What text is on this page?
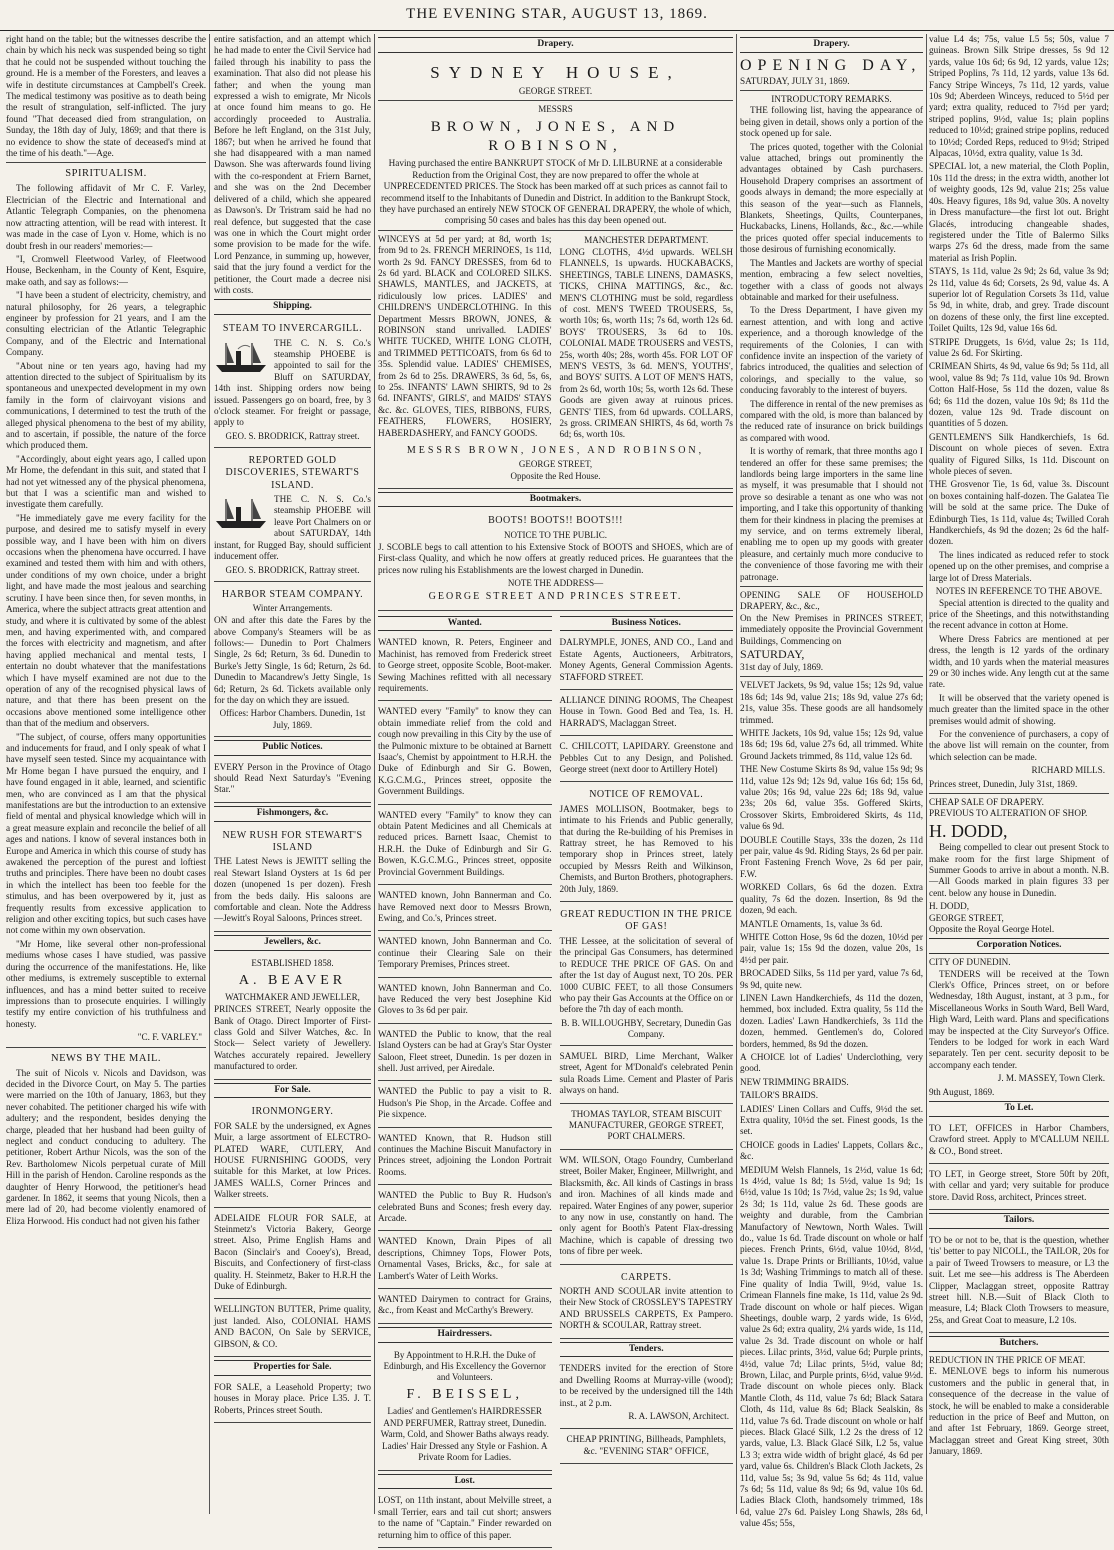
THE EVENING STAR, AUGUST 13, 1869.

right hand on the table; but the witnesses describe the chain by which his neck was suspended being so tight that he could not be suspended without touching the ground. He is a member of the Foresters, and leaves a wife in destitute circumstances at Campbell's Creek. The medical testimony was positive as to death being the result of strangulation, self-inflicted. The jury found "That deceased died from strangulation, on Sunday, the 18th day of July, 1869; and that there is no evidence to show the state of deceased's mind at the time of his death."—Age.

SPIRITUALISM.

The following affidavit of Mr C. F. Varley, Electrician of the Electric and International and Atlantic Telegraph Companies, on the phenomena now attracting attention, will be read with interest. It was made in the case of Lyon v. Home, which is no doubt fresh in our readers' memories:—

"I, Cromwell Fleetwood Varley, of Fleetwood House, Beckenham, in the County of Kent, Esquire, make oath, and say as follows:—

"I have been a student of electricity, chemistry, and natural philosophy, for 26 years, a telegraphic engineer by profession for 21 years, and I am the consulting electrician of the Atlantic Telegraphic Company, and of the Electric and International Company.

"About nine or ten years ago, having had my attention directed to the subject of Spiritualism by its spontaneous and unexpected development in my own family in the form of clairvoyant visions and communications, I determined to test the truth of the alleged physical phenomena to the best of my ability, and to ascertain, if possible, the nature of the force which produced them.

"Accordingly, about eight years ago, I called upon Mr Home, the defendant in this suit, and stated that I had not yet witnessed any of the physical phenomena, but that I was a scientific man and wished to investigate them carefully.

"He immediately gave me every facility for the purpose, and desired me to satisfy myself in every possible way, and I have been with him on divers occasions when the phenomena have occurred. I have examined and tested them with him and with others, under conditions of my own choice, under a bright light, and have made the most jealous and searching scrutiny. I have been since then, for seven months, in America, where the subject attracts great attention and study, and where it is cultivated by some of the ablest men, and having experimented with, and compared the forces with electricity and magnetism, and after having applied mechanical and mental tests, I entertain no doubt whatever that the manifestations which I have myself examined are not due to the operation of any of the recognised physical laws of nature, and that there has been present on the occasions above mentioned some intelligence other than that of the medium and observers.

"The subject, of course, offers many opportunities and inducements for fraud, and I only speak of what I have myself seen tested. Since my acquaintance with Mr Home began I have pursued the enquiry, and I have found engaged in it able, learned, and scientific men, who are convinced as I am that the physical manifestations are but the introduction to an extensive field of mental and physical knowledge which will in a great measure explain and reconcile the belief of all ages and nations. I know of several instances both in Europe and America in which this course of study has awakened the perception of the purest and loftiest truths and principles. There have been no doubt cases in which the intellect has been too feeble for the stimulus, and has been overpowered by it, just as frequently results from excessive application to religion and other exciting topics, but such cases have not come within my own observation.

"Mr Home, like several other non-professional mediums whose cases I have studied, was passive during the occurrence of the manifestations. He, like other mediums, is extremely susceptible to external influences, and has a mind better suited to receive impressions than to prosecute enquiries. I willingly testify my entire conviction of his truthfulness and honesty.

"C. F. VARLEY."
NEWS BY THE MAIL.

The suit of Nicols v. Nicols and Davidson, was decided in the Divorce Court, on May 5. The parties were married on the 10th of January, 1863, but they never cohabited. The petitioner charged his wife with adultery; and the respondent, besides denying the charge, pleaded that her husband had been guilty of neglect and conduct conducing to adultery. The petitioner, Robert Arthur Nicols, was the son of the Rev. Bartholomew Nicols perpetual curate of Mill Hill in the parish of Hendon. Caroline responds as the daughter of Henry Horwood, the petitioner's head gardener. In 1862, it seems that young Nicols, then a mere lad of 20, had become violently enamored of Eliza Horwood. His conduct had not given his father

entire satisfaction, and an attempt which he had made to enter the Civil Service had failed through his inability to pass the examination. That also did not please his father; and when the young man expressed a wish to emigrate, Mr Nicols at once found him means to go. He accordingly proceeded to Australia. Before he left England, on the 31st July, 1867; but when he arrived he found that she had disappeared with a man named Dawson. She was afterwards found living with the co-respondent at Friern Barnet, and she was on the 2nd December delivered of a child, which she appeared as Dawson's. Dr Tristram said he had no real defence, but suggested that the case was one in which the Court might order some provision to be made for the wife. Lord Penzance, in summing up, however, said that the jury found a verdict for the petitioner, the Court made a decree nisi with costs.

Shipping.
STEAM TO INVERCARGILL.

THE C. N. S. Co.'s steamship PHOEBE is appointed to sail for the Bluff on SATURDAY, 14th inst. Shipping orders now being issued. Passengers go on board, free, by 3 o'clock steamer. For freight or passage, apply to

GEO. S. BRODRICK, Rattray street.
REPORTED GOLD DISCOVERIES, STEWART'S ISLAND.

THE C. N. S. Co.'s steamship PHOEBE will leave Port Chalmers on or about SATURDAY, 14th instant, for Rugged Bay, should sufficient inducement offer.

GEO. S. BRODRICK, Rattray street.
HARBOR STEAM COMPANY.
Winter Arrangements.

ON and after this date the Fares by the above Company's Steamers will be as follows:— Dunedin to Port Chalmers Single, 2s 6d; Return, 3s 6d. Dunedin to Burke's Jetty Single, 1s 6d; Return, 2s 6d. Dunedin to Macandrew's Jetty Single, 1s 6d; Return, 2s 6d. Tickets available only for the day on which they are issued.

Offices: Harbor Chambers. Dunedin, 1st July, 1869.
Public Notices.

EVERY Person in the Province of Otago should Read Next Saturday's "Evening Star."

Fishmongers, &c.
NEW RUSH FOR STEWART'S ISLAND

THE Latest News is JEWITT selling the real Stewart Island Oysters at 1s 6d per dozen (unopened 1s per dozen). Fresh from the beds daily. His saloons are comfortable and clean. Note the Address—Jewitt's Royal Saloons, Princes street.

Jewellers, &c.
ESTABLISHED 1858.
A. BEAVER
WATCHMAKER AND JEWELLER,

PRINCES STREET, Nearly opposite the Bank of Otago. Direct Importer of First-class Gold and Silver Watches, &c. In Stock— Select variety of Jewellery. Watches accurately repaired. Jewellery manufactured to order.

For Sale.
IRONMONGERY.

FOR SALE by the undersigned, ex Agnes Muir, a large assortment of ELECTRO-PLATED WARE, CUTLERY, And HOUSE FURNISHING GOODS, very suitable for this Market, at low Prices. JAMES WALLS, Corner Princes and Walker streets.

ADELAIDE FLOUR FOR SALE, at Steinmetz's Victoria Bakery, George street. Also, Prime English Hams and Bacon (Sinclair's and Cooey's), Bread, Biscuits, and Confectionery of first-class quality. H. Steinmetz, Baker to H.R.H the Duke of Edinburgh.

WELLINGTON BUTTER, Prime quality, just landed. Also, COLONIAL HAMS AND BACON, On Sale by SERVICE, GIBSON, & CO.

Properties for Sale.

FOR SALE, a Leasehold Property; two houses in Moray place. Price L35. J. T. Roberts, Princes street South.

Drapery.
SYDNEY HOUSE,
GEORGE STREET.
MESSRS
BROWN, JONES, AND ROBINSON,

Having purchased the entire BANKRUPT STOCK of Mr D. LILBURNE at a considerable Reduction from the Original Cost, they are now prepared to offer the whole at UNPRECEDENTED PRICES. The Stock has been marked off at such prices as cannot fail to recommend itself to the Inhabitants of Dunedin and District. In addition to the Bankrupt Stock, they have purchased an entirely NEW STOCK OF GENERAL DRAPERY, the whole of which, comprising 50 cases and bales has this day been opened out.

WINCEYS at 5d per yard; at 8d, worth 1s; from 9d to 2s. FRENCH MERINOES, 1s 11d, worth 2s 9d. FANCY DRESSES, from 6d to 2s 6d yard. BLACK and COLORED SILKS. SHAWLS, MANTLES, and JACKETS, at ridiculously low prices. LADIES' and CHILDREN'S UNDERCLOTHING. In this Department Messrs BROWN, JONES, & ROBINSON stand unrivalled. LADIES' WHITE TUCKED, WHITE LONG CLOTH, and TRIMMED PETTICOATS, from 6s 6d to 35s. Splendid value. LADIES' CHEMISES, from 2s 6d to 25s. DRAWERS, 3s 6d, 5s, 6s, to 25s. INFANTS' LAWN SHIRTS, 9d to 2s 6d. INFANTS', GIRLS', and MAIDS' STAYS &c. &c. GLOVES, TIES, RIBBONS, FURS, FEATHERS, FLOWERS, HOSIERY, HABERDASHERY, and FANCY GOODS.

MANCHESTER DEPARTMENT.

LONG CLOTHS, 4½d upwards. WELSH FLANNELS, 1s upwards. HUCKABACKS, SHEETINGS, TABLE LINENS, DAMASKS, TICKS, CHINA MATTINGS, &c., &c. MEN'S CLOTHING must be sold, regardless of cost. MEN'S TWEED TROUSERS, 5s, worth 10s; 6s, worth 11s; 7s 6d, worth 12s 6d. BOYS' TROUSERS, 3s 6d to 10s. COLONIAL MADE TROUSERS and VESTS, 25s, worth 40s; 28s, worth 45s. FOR LOT OF MEN'S VESTS, 3s 6d. MEN'S, YOUTHS', and BOYS' SUITS. A LOT OF MEN'S HATS, from 2s 6d, worth 10s; 5s, worth 12s 6d. These Goods are given away at ruinous prices. GENTS' TIES, from 6d upwards. COLLARS, 2s gross. CRIMEAN SHIRTS, 4s 6d, worth 7s 6d; 6s, worth 10s.

MESSRS BROWN, JONES, AND ROBINSON,
GEORGE STREET,
Opposite the Red House.
Bootmakers.
BOOTS! BOOTS!! BOOTS!!!
NOTICE TO THE PUBLIC.

J. SCOBLE begs to call attention to his Extensive Stock of BOOTS and SHOES, which are of First-class Quality, and which he now offers at greatly reduced prices. He guarantees that the prices now ruling his Establishments are the lowest charged in Dunedin.

NOTE THE ADDRESS—
GEORGE STREET AND PRINCES STREET.
Wanted.

WANTED known, R. Peters, Engineer and Machinist, has removed from Frederick street to George street, opposite Scoble, Boot-maker. Sewing Machines refitted with all necessary requirements.

WANTED every "Family" to know they can obtain immediate relief from the cold and cough now prevailing in this City by the use of the Pulmonic mixture to be obtained at Barnett Isaac's, Chemist by appointment to H.R.H. the Duke of Edinburgh and Sir G. Bowen, K.G.C.M.G., Princes street, opposite the Government Buildings.

WANTED every "Family" to know they can obtain Patent Medicines and all Chemicals at reduced prices. Barnett Isaac, Chemist to H.R.H. the Duke of Edinburgh and Sir G. Bowen, K.G.C.M.G., Princes street, opposite Provincial Government Buildings.

WANTED known, John Bannerman and Co. have Removed next door to Messrs Brown, Ewing, and Co.'s, Princes street.

WANTED known, John Bannerman and Co. continue their Clearing Sale on their Temporary Premises, Princes street.

WANTED known, John Bannerman and Co. have Reduced the very best Josephine Kid Gloves to 3s 6d per pair.

WANTED the Public to know, that the real Island Oysters can be had at Gray's Star Oyster Saloon, Fleet street, Dunedin. 1s per dozen in shell. Just arrived, per Airedale.

WANTED the Public to pay a visit to R. Hudson's Pie Shop, in the Arcade. Coffee and Pie sixpence.

WANTED Known, that R. Hudson still continues the Machine Biscuit Manufactory in Princes street, adjoining the London Portrait Rooms.

WANTED the Public to Buy R. Hudson's celebrated Buns and Scones; fresh every day. Arcade.

WANTED Known, Drain Pipes of all descriptions, Chimney Tops, Flower Pots, Ornamental Vases, Bricks, &c., for sale at Lambert's Water of Leith Works.

WANTED Dairymen to contract for Grains, &c., from Keast and McCarthy's Brewery.

Hairdressers.
By Appointment to H.R.H. the Duke of Edinburgh, and His Excellency the Governor and Volunteers.
F. BEISSEL,

Ladies' and Gentlemen's HAIRDRESSER AND PERFUMER, Rattray street, Dunedin. Warm, Cold, and Shower Baths always ready. Ladies' Hair Dressed any Style or Fashion. A Private Room for Ladies.

Lost.

LOST, on 11th instant, about Melville street, a small Terrier, ears and tail cut short; answers to the name of "Captain." Finder rewarded on returning him to office of this paper.

Business Notices.

DALRYMPLE, JONES, AND CO., Land and Estate Agents, Auctioneers, Arbitrators, Money Agents, General Commission Agents. STAFFORD STREET.

ALLIANCE DINING ROOMS, The Cheapest House in Town. Good Bed and Tea, 1s. H. HARRAD'S, Maclaggan Street.

C. CHILCOTT, LAPIDARY. Greenstone and Pebbles Cut to any Design, and Polished. George street (next door to Artillery Hotel)

NOTICE OF REMOVAL.

JAMES MOLLISON, Bootmaker, begs to intimate to his Friends and Public generally, that during the Re-building of his Premises in Rattray street, he has Removed to his temporary shop in Princes street, lately occupied by Messrs Reith and Wilkinson, Chemists, and Burton Brothers, photographers. 20th July, 1869.

GREAT REDUCTION IN THE PRICE OF GAS!

THE Lessee, at the solicitation of several of the principal Gas Consumers, has determined to REDUCE THE PRICE OF GAS. On and after the 1st day of August next, TO 20s. PER 1000 CUBIC FEET, to all those Consumers who pay their Gas Accounts at the Office on or before the 7th day of each month.

B. B. WILLOUGHBY, Secretary, Dunedin Gas Company.

SAMUEL BIRD, Lime Merchant, Walker street, Agent for M'Donald's celebrated Penin sula Roads Lime. Cement and Plaster of Paris always on hand.

THOMAS TAYLOR, STEAM BISCUIT MANUFACTURER, GEORGE STREET, PORT CHALMERS.

WM. WILSON, Otago Foundry, Cumberland street, Boiler Maker, Engineer, Millwright, and Blacksmith, &c. All kinds of Castings in brass and iron. Machines of all kinds made and repaired. Water Engines of any power, superior to any now in use, constantly on hand. The only agent for Booth's Patent Flax-dressing Machine, which is capable of dressing two tons of fibre per week.

CARPETS.

NORTH AND SCOULAR invite attention to their New Stock of CROSSLEY'S TAPESTRY AND BRUSSELS CARPETS, Ex Pampero. NORTH & SCOULAR, Rattray street.

Tenders.

TENDERS invited for the erection of Store and Dwelling Rooms at Murray-ville (wood); to be received by the undersigned till the 14th inst., at 2 p.m.

R. A. LAWSON, Architect.

CHEAP PRINTING, Billheads, Pamphlets, &c. "EVENING STAR" OFFICE,

Drapery.
OPENING DAY,
SATURDAY, JULY 31, 1869.
INTRODUCTORY REMARKS.

THE following list, having the appearance of being given in detail, shows only a portion of the stock opened up for sale.

The prices quoted, together with the Colonial value attached, brings out prominently the advantages obtained by Cash purchasers. Household Drapery comprises an assortment of goods always in demand; the more especially at this season of the year—such as Flannels, Blankets, Sheetings, Quilts, Counterpanes, Huckabacks, Linens, Hollands, &c., &c.—while the prices quoted offer special inducements to those desirous of furnishing economically.

The Mantles and Jackets are worthy of special mention, embracing a few select novelties, together with a class of goods not always obtainable and marked for their usefulness.

To the Dress Department, I have given my earnest attention, and with long and active experience, and a thorough knowledge of the requirements of the Colonies, I can with confidence invite an inspection of the variety of fabrics introduced, the qualities and selection of colorings, and specially to the value, so conducing favorably to the interest of buyers.

The difference in rental of the new premises as compared with the old, is more than balanced by the reduced rate of insurance on brick buildings as compared with wood.

It is worthy of remark, that three months ago I tendered an offer for these same premises; the landlords being large importers in the same line as myself, it was presumable that I should not prove so desirable a tenant as one who was not importing, and I take this opportunity of thanking them for their kindness in placing the premises at my service, and on terms extremely liberal, enabling me to open up my goods with greater pleasure, and certainly much more conducive to the convenience of those favoring me with their patronage.

OPENING SALE OF HOUSEHOLD DRAPERY, &c., &c.,
On the New Premises in PRINCES STREET, immediately opposite the Provincial Government Buildings, Commencing on
SATURDAY,
31st day of July, 1869.

VELVET Jackets, 9s 9d, value 15s; 12s 9d, value 18s 6d; 14s 9d, value 21s; 18s 9d, value 27s 6d; 21s, value 35s. These goods are all handsomely trimmed.

WHITE Jackets, 10s 9d, value 15s; 12s 9d, value 18s 6d; 19s 6d, value 27s 6d, all trimmed. White Ground Jackets trimmed, 8s 11d, value 12s 6d.

THE New Costume Skirts 8s 9d, value 15s 9d; 9s 11d, value 12s 9d; 12s 9d, value 16s 6d; 15s 6d, value 20s; 16s 9d, value 22s 6d; 18s 9d, value 23s; 20s 6d, value 35s. Goffered Skirts, Crossover Skirts, Embroidered Skirts, 4s 11d, value 6s 9d.

DOUBLE Coutille Stays, 33s the dozen, 2s 11d per pair, value 4s 9d. Riding Stays, 2s 6d per pair. Front Fastening French Wove, 2s 6d per pair, F.W.

WORKED Collars, 6s 6d the dozen. Extra quality, 7s 6d the dozen. Insertion, 8s 9d the dozen, 9d each.

MANTLE Ornaments, 1s, value 3s 6d.

WHITE Cotton Hose, 9s 6d the dozen, 10½d per pair, value 1s; 15s 9d the dozen, value 20s, 1s 4½d per pair.

BROCADED Silks, 5s 11d per yard, value 7s 6d, 9s 9d, quite new.

LINEN Lawn Handkerchiefs, 4s 11d the dozen, hemmed, box included. Extra quality, 5s 11d the dozen. Ladies' Lawn Handkerchiefs, 3s 11d the dozen, hemmed. Gentlemen's do, Colored borders, hemmed, 8s 9d the dozen.

A CHOICE lot of Ladies' Underclothing, very good.

NEW TRIMMING BRAIDS.

TAILOR'S BRAIDS.

LADIES' Linen Collars and Cuffs, 9½d the set. Extra quality, 10½d the set. Finest goods, 1s the set.

CHOICE goods in Ladies' Lappets, Collars &c., &c.

MEDIUM Welsh Flannels, 1s 2½d, value 1s 6d; 1s 4½d, value 1s 8d; 1s 5½d, value 1s 9d; 1s 6½d, value 1s 10d; 1s 7½d, value 2s; 1s 9d, value 2s 3d; 1s 11d, value 2s 6d. These goods are weighty and durable, from the Cambrian Manufactory of Newtown, North Wales. Twill do., value 1s 6d. Trade discount on whole or half pieces. French Prints, 6½d, value 10½d, 8½d, value 1s. Drape Prints or Brilliants, 10½d, value 1s 3d; Washing Trimmings to match all of these. Fine quality of India Twill, 9½d, value 1s. Crimean Flannels fine make, 1s 11d, value 2s 9d. Trade discount on whole or half pieces. Wigan Sheetings, double warp, 2 yards wide, 1s 6½d, value 2s 6d; extra quality, 2¼ yards wide, 1s 11d, value 2s 3d. Trade discount on whole or half pieces. Lilac prints, 3½d, value 6d; Purple prints, 4½d, value 7d; Lilac prints, 5½d, value 8d; Brown, Lilac, and Purple prints, 6½d, value 9½d. Trade discount on whole pieces only. Black Mantle Cloth, 4s 11d, value 7s 6d; Black Satara Cloth, 4s 11d, value 8s 6d; Black Sealskin, 8s 11d, value 7s 6d. Trade discount on whole or half pieces. Black Glacé Silk, 1.2 2s the dress of 12 yards, value, L3. Black Glacé Silk, L2 5s, value L3 3; extra wide width of bright glacé, 4s 6d per yard, value 6s. Children's Black Cloth Jackets, 2s 11d, value 5s; 3s 9d, value 5s 6d; 4s 11d, value 7s 6d; 5s 11d, value 8s 9d; 6s 9d, value 10s 6d. Ladies Black Cloth, handsomely trimmed, 18s 6d, value 27s 6d. Paisley Long Shawls, 28s 6d, value 45s; 55s,

value L4 4s; 75s, value L5 5s; 50s, value 7 guineas. Brown Silk Stripe dresses, 5s 9d 12 yards, value 10s 6d; 6s 9d, 12 yards, value 12s; Striped Poplins, 7s 11d, 12 yards, value 13s 6d. Fancy Stripe Winceys, 7s 11d, 12 yards, value 10s 9d; Aberdeen Winceys, reduced to 5½d per yard; extra quality, reduced to 7½d per yard; striped poplins, 9½d, value 1s; plain poplins reduced to 10½d; grained stripe poplins, reduced to 10½d; Corded Reps, reduced to 9½d; Striped Alpacas, 10½d, extra quality, value 1s 3d.

SPECIAL lot, a new material, the Cloth Poplin, 10s 11d the dress; in the extra width, another lot of weighty goods, 12s 9d, value 21s; 25s value 40s. Heavy figures, 18s 9d, value 30s. A novelty in Dress manufacture—the first lot out. Bright Glacés, introducing changeable shades, registered under the Title of Balermo Silks warps 27s 6d the dress, made from the same material as Irish Poplin.

STAYS, 1s 11d, value 2s 9d; 2s 6d, value 3s 9d; 2s 11d, value 4s 6d; Corsets, 2s 9d, value 4s. A superior lot of Regulation Corsets 3s 11d, value 5s 9d, in white, drab, and grey. Trade discount on dozens of these only, the first line excepted. Toilet Quilts, 12s 9d, value 16s 6d.

STRIPE Druggets, 1s 6½d, value 2s; 1s 11d, value 2s 6d. For Skirting.

CRIMEAN Shirts, 4s 9d, value 6s 9d; 5s 11d, all wool, value 8s 9d; 7s 11d, value 10s 9d. Brown Cotton Half-Hose, 5s 11d the dozen, value 8s 6d; 6s 11d the dozen, value 10s 9d; 8s 11d the dozen, value 12s 9d. Trade discount on quantities of 5 dozen.

GENTLEMEN'S Silk Handkerchiefs, 1s 6d. Discount on whole pieces of seven. Extra quality of Figured Silks, 1s 11d. Discount on whole pieces of seven.

THE Grosvenor Tie, 1s 6d, value 3s. Discount on boxes containing half-dozen. The Galatea Tie will be sold at the same price. The Duke of Edinburgh Ties, 1s 11d, value 4s; Twilled Corah Handkerchiefs, 4s 9d the dozen; 2s 6d the half-dozen.

The lines indicated as reduced refer to stock opened up on the other premises, and comprise a large lot of Dress Materials.

NOTES IN REFERENCE TO THE ABOVE.

Special attention is directed to the quality and price of the Sheetings, and this notwithstanding the recent advance in cotton at Home.

Where Dress Fabrics are mentioned at per dress, the length is 12 yards of the ordinary width, and 10 yards when the material measures 29 or 30 inches wide. Any length cut at the same rate.

It will be observed that the variety opened is much greater than the limited space in the other premises would admit of showing.

For the convenience of purchasers, a copy of the above list will remain on the counter, from which selection can be made.

RICHARD MILLS.
Princes street, Dunedin, July 31st, 1869.
CHEAP SALE OF DRAPERY.
PREVIOUS TO ALTERATION OF SHOP.
H. DODD,

Being compelled to clear out present Stock to make room for the first large Shipment of Summer Goods to arrive in about a month. N.B.—All Goods marked in plain figures 33 per cent. below any house in Dunedin.

H. DODD,
GEORGE STREET,
Opposite the Royal George Hotel.
Corporation Notices.
CITY OF DUNEDIN.

TENDERS will be received at the Town Clerk's Office, Princes street, on or before Wednesday, 18th August, instant, at 3 p.m., for Miscellaneous Works in South Ward, Bell Ward, High Ward, Leith ward. Plans and specifications may be inspected at the City Surveyor's Office. Tenders to be lodged for work in each Ward separately. Ten per cent. security deposit to be accompany each tender.

J. M. MASSEY, Town Clerk.
9th August, 1869.
To Let.

TO LET, OFFICES in Harbor Chambers, Crawford street. Apply to M'CALLUM NEILL & CO., Bond street.

TO LET, in George street, Store 50ft by 20ft, with cellar and yard; very suitable for produce store. David Ross, architect, Princes street.

Tailors.

TO be or not to be, that is the question, whether 'tis' better to pay NICOLL, the TAILOR, 20s for a pair of Tweed Trowsers to measure, or L3 the suit. Let me see—his address is The Aberdeen Clipper, Maclaggan street, opposite Rattray street hill. N.B.—Suit of Black Cloth to measure, L4; Black Cloth Trowsers to measure, 25s, and Great Coat to measure, L2 10s.

Butchers.
REDUCTION IN THE PRICE OF MEAT.

E. MENLOVE begs to inform his numerous customers and the public in general that, in consequence of the decrease in the value of stock, he will be enabled to make a considerable reduction in the price of Beef and Mutton, on and after 1st February, 1869. George street, Maclaggan street and Great King street, 30th January, 1869.
